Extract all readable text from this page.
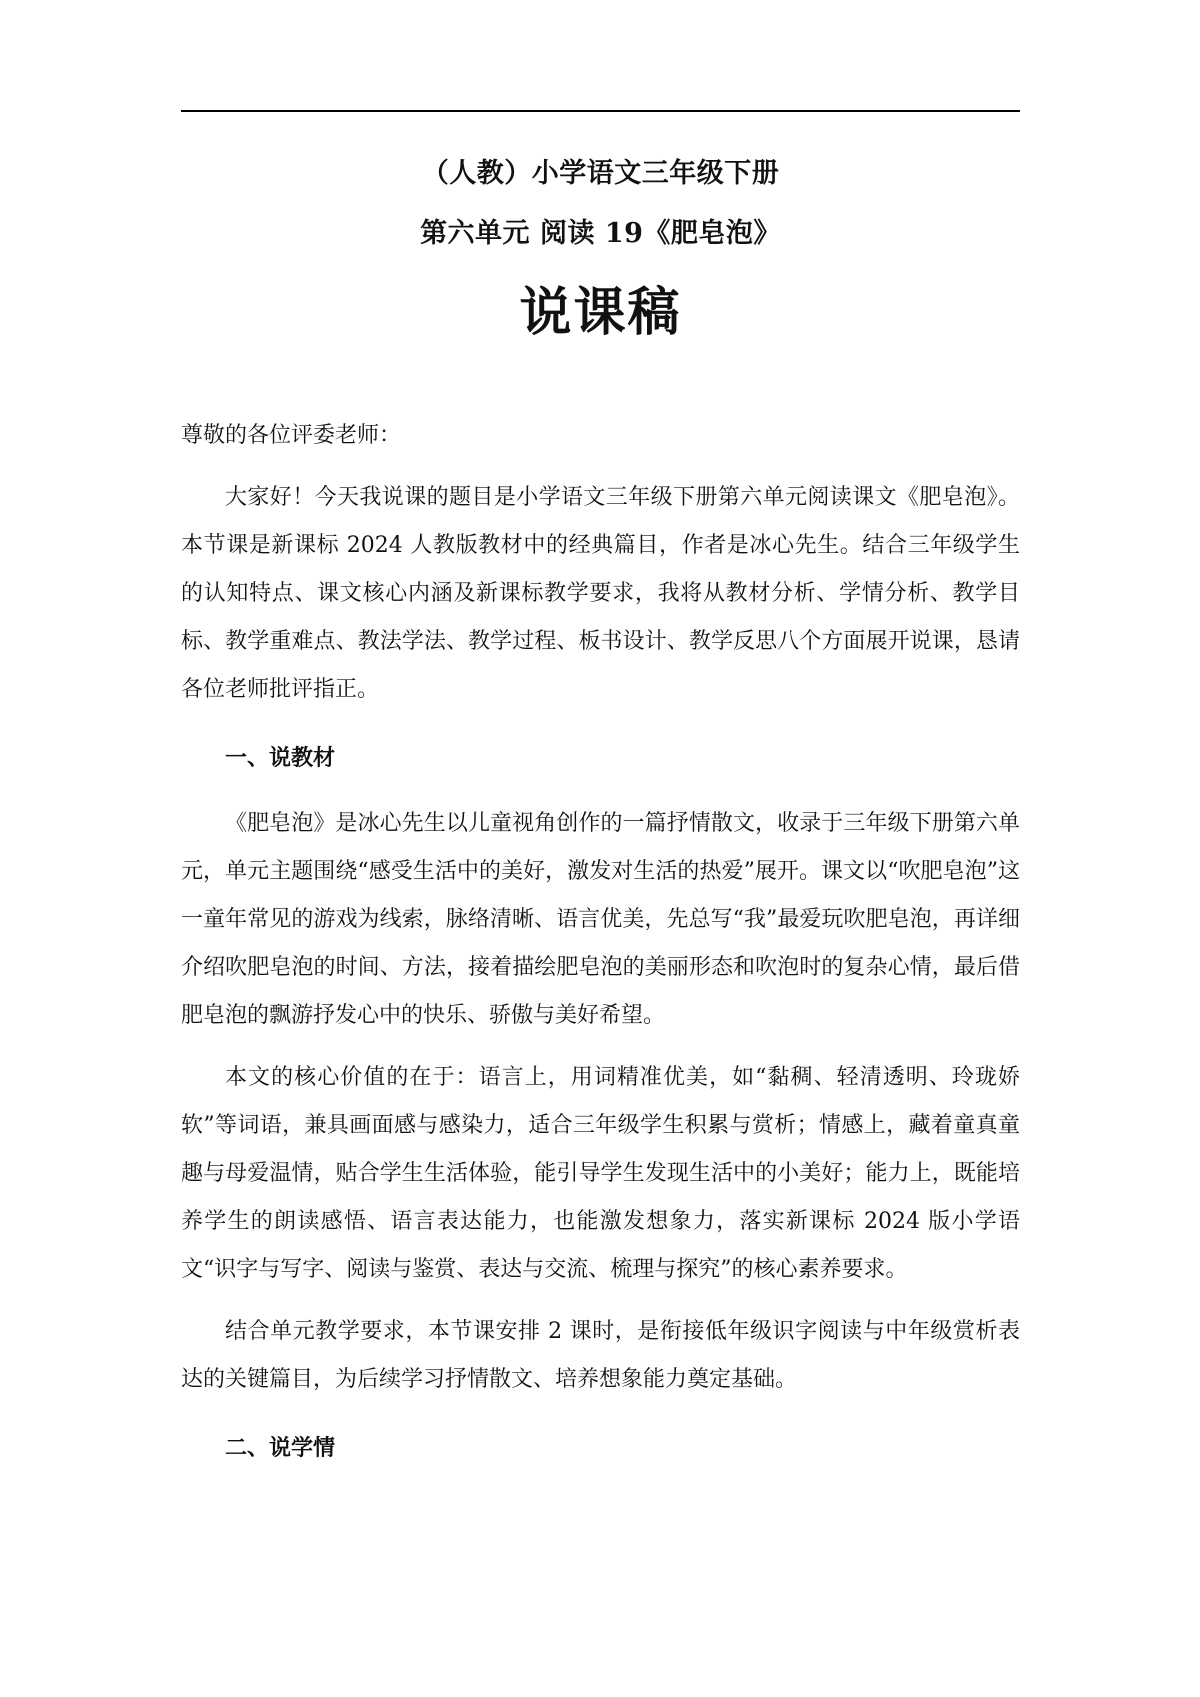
（人教）小学语文三年级下册
第六单元 阅读 19《肥皂泡》
说课稿
尊敬的各位评委老师：
大家好！今天我说课的题目是小学语文三年级下册第六单元阅读课文《肥皂泡》。本节课是新课标 2024 人教版教材中的经典篇目，作者是冰心先生。结合三年级学生的认知特点、课文核心内涵及新课标教学要求，我将从教材分析、学情分析、教学目标、教学重难点、教法学法、教学过程、板书设计、教学反思八个方面展开说课，恳请各位老师批评指正。
一、说教材
《肥皂泡》是冰心先生以儿童视角创作的一篇抒情散文，收录于三年级下册第六单元，单元主题围绕“感受生活中的美好，激发对生活的热爱”展开。课文以“吹肥皂泡”这一童年常见的游戏为线索，脉络清晰、语言优美，先总写“我”最爱玩吹肥皂泡，再详细介绍吹肥皂泡的时间、方法，接着描绘肥皂泡的美丽形态和吹泡时的复杂心情，最后借肥皂泡的飘游抒发心中的快乐、骄傲与美好希望。
本文的核心价值的在于：语言上，用词精准优美，如“黏稠、轻清透明、玲珑娇软”等词语，兼具画面感与感染力，适合三年级学生积累与赏析；情感上，藏着童真童趣与母爱温情，贴合学生生活体验，能引导学生发现生活中的小美好；能力上，既能培养学生的朗读感悟、语言表达能力，也能激发想象力，落实新课标 2024 版小学语文“识字与写字、阅读与鉴赏、表达与交流、梳理与探究”的核心素养要求。
结合单元教学要求，本节课安排 2 课时，是衔接低年级识字阅读与中年级赏析表达的关键篇目，为后续学习抒情散文、培养想象能力奠定基础。
二、说学情
